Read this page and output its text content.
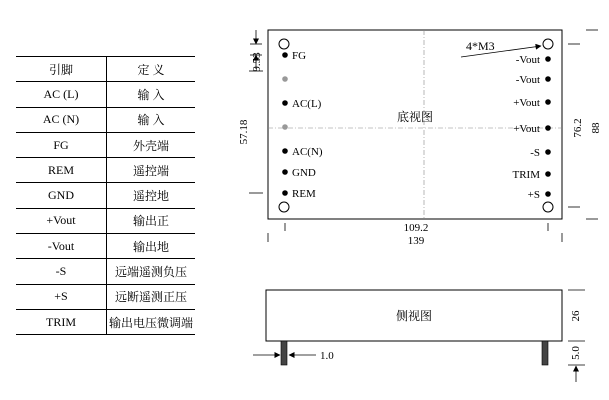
引脚	定 义
AC (L)	输 入
AC (N)	输 入
FG	外壳端
REM	遥控端
GND	遥控地
+Vout	输出正
-Vout	输出地
-S	远端遥测负压
+S	远断遥测正压
TRIM	输出电压微调端
底视图
4*M3
FG
AC(L)
AC(N)
GND
REM
-Vout
-Vout
+Vout
+Vout
-S
TRIM
+S
9.53
57.18
109.2
139
76.2 88
侧视图
1.0
26
5.0
